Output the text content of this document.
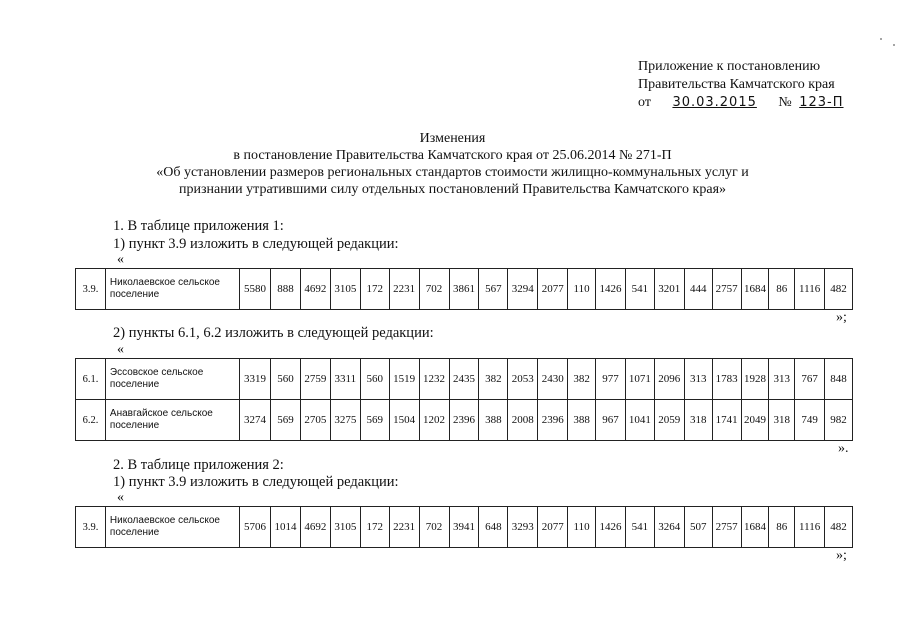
Приложение к постановлению
Правительства Камчатского края
от 30.03.2015 № 123-П
Изменения
в постановление Правительства Камчатского края от 25.06.2014 № 271-П
«Об установлении размеров региональных стандартов стоимости жилищно-коммунальных услуг и
признании утратившими силу отдельных постановлений Правительства Камчатского края»
1. В таблице приложения 1:
1) пункт 3.9 изложить в следующей редакции:
«
3.9.	Николаевское сельское поселение	5580	888	4692	3105	172	2231	702	3861	567	3294	2077	110	1426	541	3201	444	2757	1684	86	1116	482
»;
2) пункты 6.1, 6.2 изложить в следующей редакции:
«
6.1.	Эссовское сельское поселение	3319	560	2759	3311	560	1519	1232	2435	382	2053	2430	382	977	1071	2096	313	1783	1928	313	767	848
6.2.	Анавгайское сельское поселение	3274	569	2705	3275	569	1504	1202	2396	388	2008	2396	388	967	1041	2059	318	1741	2049	318	749	982
».
2. В таблице приложения 2:
1) пункт 3.9 изложить в следующей редакции:
«
3.9.	Николаевское сельское поселение	5706	1014	4692	3105	172	2231	702	3941	648	3293	2077	110	1426	541	3264	507	2757	1684	86	1116	482
»;
